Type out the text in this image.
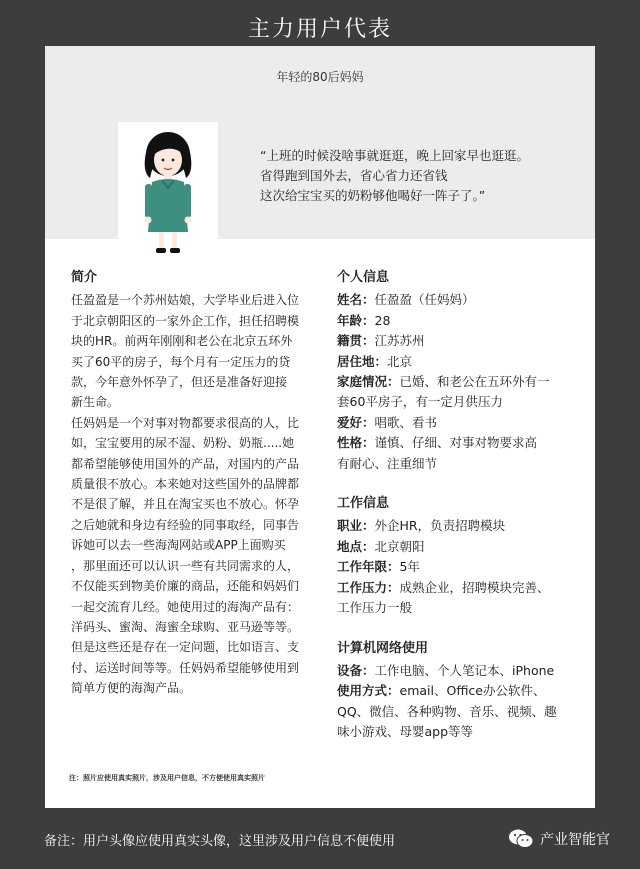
主力用户代表
年轻的80后妈妈
“上班的时候没啥事就逛逛，晚上回家早也逛逛。
省得跑到国外去，省心省力还省钱
这次给宝宝买的奶粉够他喝好一阵子了。”
简介
任盈盈是一个苏州姑娘，大学毕业后进入位
于北京朝阳区的一家外企工作，担任招聘模
块的HR。前两年刚刚和老公在北京五环外
买了60平的房子，每个月有一定压力的贷
款，今年意外怀孕了，但还是准备好迎接
新生命。
任妈妈是一个对事对物都要求很高的人，比
如，宝宝要用的尿不湿、奶粉、奶瓶.....她
都希望能够使用国外的产品，对国内的产品
质量很不放心。本来她对这些国外的品牌都
不是很了解，并且在淘宝买也不放心。怀孕
之后她就和身边有经验的同事取经，同事告
诉她可以去一些海淘网站或APP上面购买
，那里面还可以认识一些有共同需求的人，
不仅能买到物美价廉的商品，还能和妈妈们
一起交流育儿经。她使用过的海淘产品有：
洋码头、蜜淘、海蜜全球购、亚马逊等等。
但是这些还是存在一定问题，比如语言、支
付、运送时间等等。任妈妈希望能够使用到
简单方便的海淘产品。
个人信息
姓名：任盈盈（任妈妈）
年龄：28
籍贯：江苏苏州
居住地：北京
家庭情况：已婚、和老公在五环外有一
套60平房子，有一定月供压力
爱好：唱歌、看书
性格：谨慎、仔细、对事对物要求高
有耐心、注重细节
工作信息
职业：外企HR，负责招聘模块
地点：北京朝阳
工作年限：5年
工作压力：成熟企业，招聘模块完善、
工作压力一般
计算机网络使用
设备：工作电脑、个人笔记本、iPhone
使用方式：email、Office办公软件、
QQ、微信、各种购物、音乐、视频、趣
味小游戏、母婴app等等
注：照片应使用真实照片，涉及用户信息，不方便使用真实照片
备注：用户头像应使用真实头像，这里涉及用户信息不便使用	产业智能官
